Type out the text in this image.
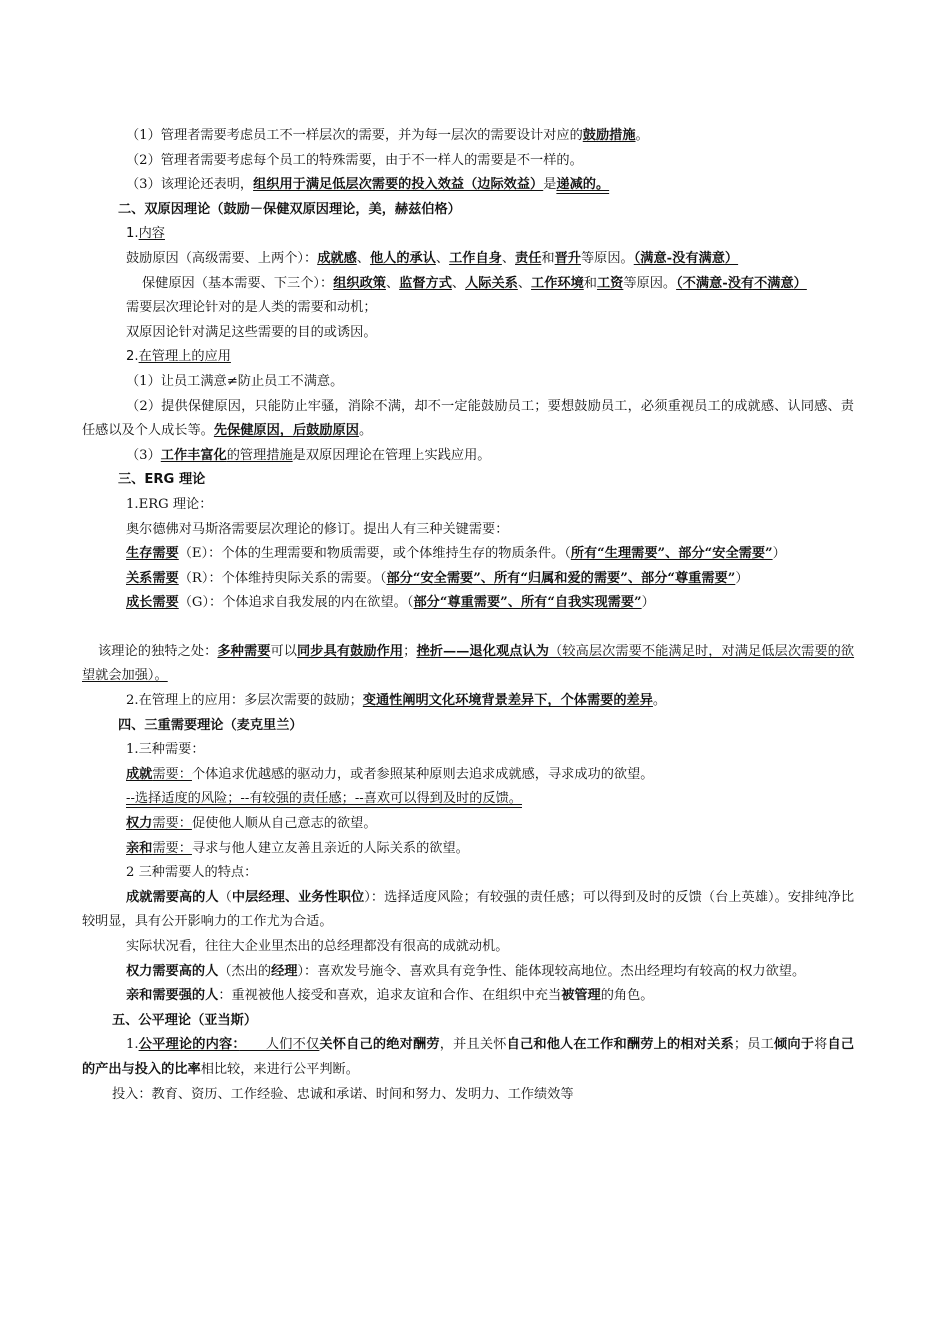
（1）管理者需要考虑员工不一样层次的需要，并为每一层次的需要设计对应的鼓励措施。

（2）管理者需要考虑每个员工的特殊需要，由于不一样人的需要是不一样的。

（3）该理论还表明，组织用于满足低层次需要的投入效益（边际效益）是递减的。

二、双原因理论（鼓励－保健双原因理论，美，赫兹伯格）

1.内容

鼓励原因（高级需要、上两个）：成就感、他人的承认、工作自身、责任和晋升等原因。（满意-没有满意）

保健原因（基本需要、下三个）：组织政策、监督方式、人际关系、工作环境和工资等原因。（不满意-没有不满意）

需要层次理论针对的是人类的需要和动机；

双原因论针对满足这些需要的目的或诱因。

2.在管理上的应用

（1）让员工满意≠防止员工不满意。

（2）提供保健原因，只能防止牢骚，消除不满，却不一定能鼓励员工；要想鼓励员工，必须重视员工的成就感、认同感、责任感以及个人成长等。先保健原因，后鼓励原因。

（3）工作丰富化的管理措施是双原因理论在管理上实践应用。

三、ERG 理论

1.ERG 理论：

奥尔德佛对马斯洛需要层次理论的修订。提出人有三种关键需要：

生存需要（E）：个体的生理需要和物质需要，或个体维持生存的物质条件。（所有“生理需要”、部分“安全需要”）

关系需要（R）：个体维持臾际关系的需要。（部分“安全需要”、所有“归属和爱的需要”、部分“尊重需要”）

成长需要（G）：个体追求自我发展的内在欲望。（部分“尊重需要”、所有“自我实现需要”）

该理论的独特之处：多种需要可以同步具有鼓励作用；挫折——退化观点认为（较高层次需要不能满足时，对满足低层次需要的欲望就会加强）。

2.在管理上的应用：多层次需要的鼓励；变通性阐明文化环境背景差异下，个体需要的差异。

四、三重需要理论（麦克里兰）

1.三种需要：

成就需要：个体追求优越感的驱动力，或者参照某种原则去追求成就感，寻求成功的欲望。

--选择适度的风险；--有较强的责任感；--喜欢可以得到及时的反馈。

权力需要：促使他人顺从自己意志的欲望。

亲和需要：寻求与他人建立友善且亲近的人际关系的欲望。

2 三种需要人的特点：

成就需要高的人（中层经理、业务性职位）：选择适度风险；有较强的责任感；可以得到及时的反馈（台上英雄）。安排纯净比较明显，具有公开影响力的工作尤为合适。

实际状况看，往往大企业里杰出的总经理都没有很高的成就动机。

权力需要高的人（杰出的经理）：喜欢发号施令、喜欢具有竞争性、能体现较高地位。杰出经理均有较高的权力欲望。

亲和需要强的人：重视被他人接受和喜欢，追求友谊和合作、在组织中充当被管理的角色。

五、公平理论（亚当斯）

1.公平理论的内容：　　人们不仅关怀自己的绝对酬劳，并且关怀自己和他人在工作和酬劳上的相对关系；员工倾向于将自己的产出与投入的比率相比较，来进行公平判断。

投入：教育、资历、工作经验、忠诚和承诺、时间和努力、发明力、工作绩效等
